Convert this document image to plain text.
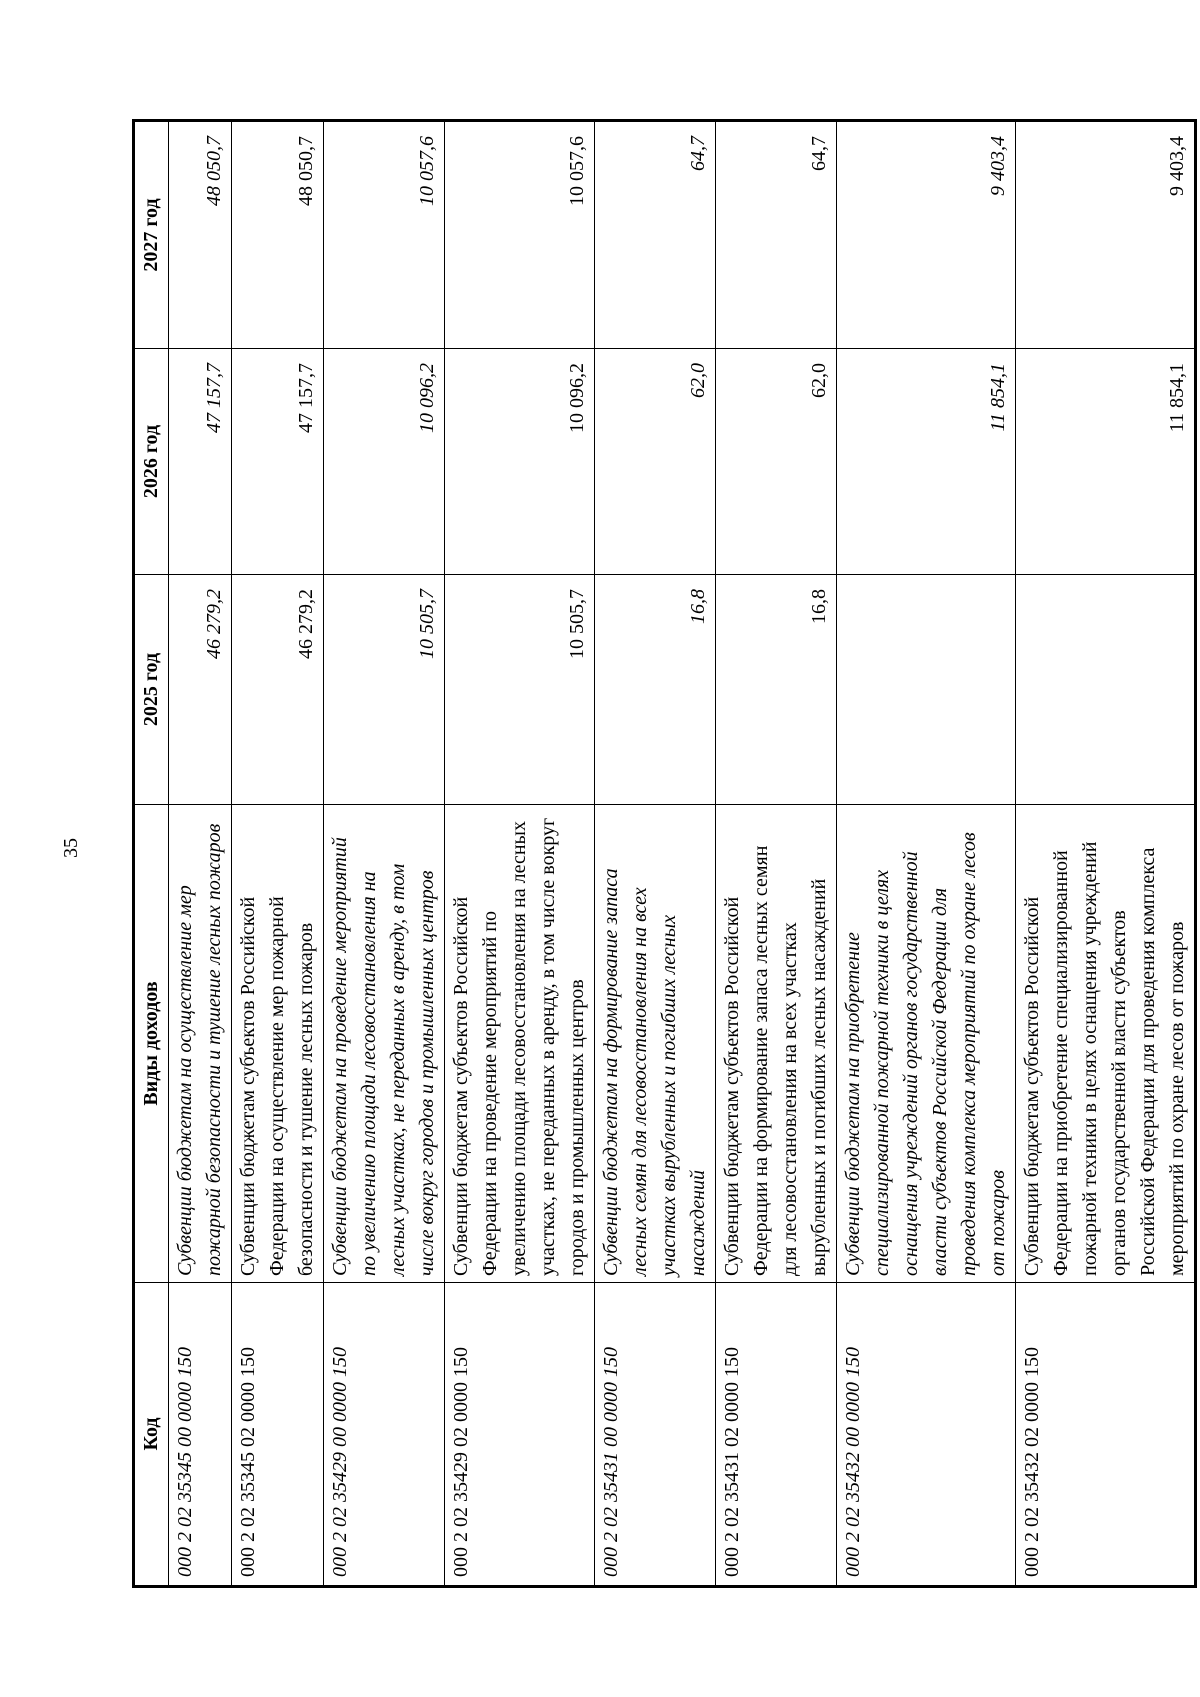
35
Код	Виды доходов	2025 год	2026 год	2027 год
000 2 02 35345 00 0000 150	Субвенции бюджетам на осуществление мер пожарной безопасности и тушение лесных пожаров	46 279,2	47 157,7	48 050,7
000 2 02 35345 02 0000 150	Субвенции бюджетам субъектов Российской Федерации на осуществление мер пожарной безопасности и тушение лесных пожаров	46 279,2	47 157,7	48 050,7
000 2 02 35429 00 0000 150	Субвенции бюджетам на проведение мероприятий по увеличению площади лесовосстановления на лесных участках, не переданных в аренду, в том числе вокруг городов и промышленных центров	10 505,7	10 096,2	10 057,6
000 2 02 35429 02 0000 150	Субвенции бюджетам субъектов Российской Федерации на проведение мероприятий по увеличению площади лесовосстановления на лесных участках, не переданных в аренду, в том числе вокруг городов и промышленных центров	10 505,7	10 096,2	10 057,6
000 2 02 35431 00 0000 150	Субвенции бюджетам на формирование запаса лесных семян для лесовосстановления на всех участках вырубленных и погибших лесных насаждений	16,8	62,0	64,7
000 2 02 35431 02 0000 150	Субвенции бюджетам субъектов Российской Федерации на формирование запаса лесных семян для лесовосстановления на всех участках вырубленных и погибших лесных насаждений	16,8	62,0	64,7
000 2 02 35432 00 0000 150	Субвенции бюджетам на приобретение специализированной пожарной техники в целях оснащения учреждений органов государственной власти субъектов Российской Федерации для проведения комплекса мероприятий по охране лесов от пожаров		11 854,1	9 403,4
000 2 02 35432 02 0000 150	Субвенции бюджетам субъектов Российской Федерации на приобретение специализированной пожарной техники в целях оснащения учреждений органов государственной власти субъектов Российской Федерации для проведения комплекса мероприятий по охране лесов от пожаров		11 854,1	9 403,4
